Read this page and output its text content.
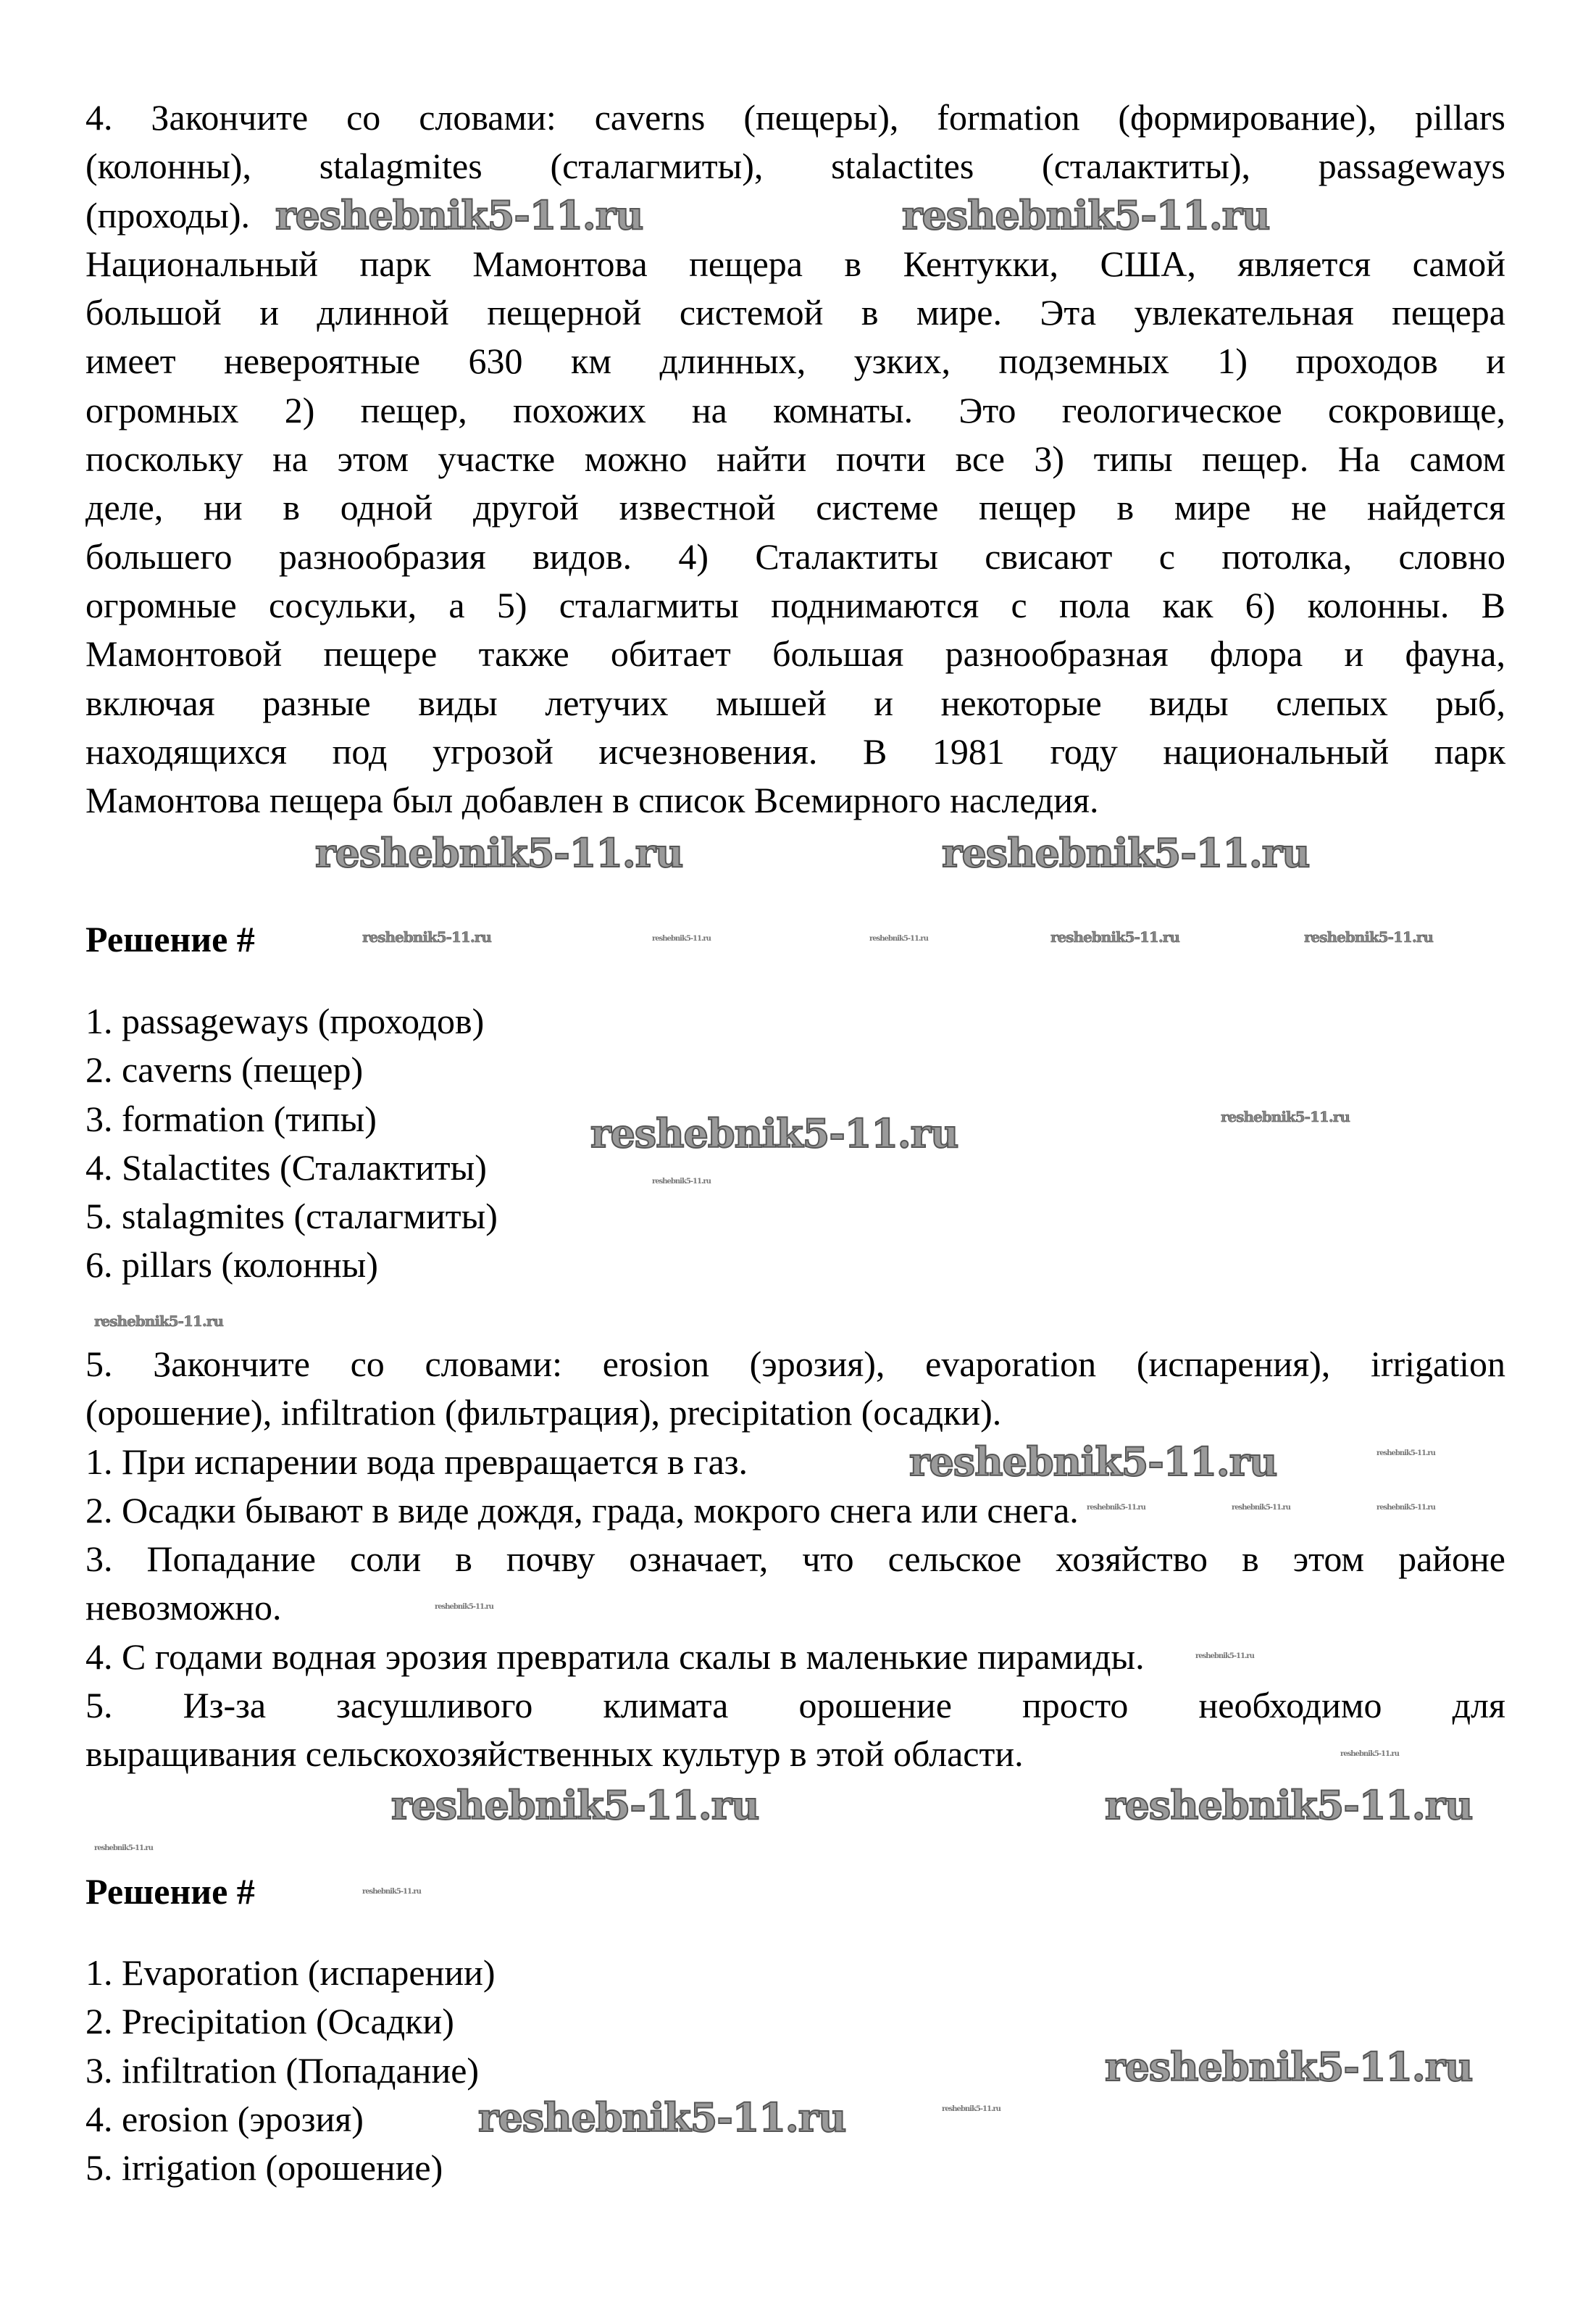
4. Закончите со словами: caverns (пещеры), formation (формирование), pillars
(колонны), stalagmites (сталагмиты), stalactites (сталактиты), passageways
(проходы).
Национальный парк Мамонтова пещера в Кентукки, США, является самой
большой и длинной пещерной системой в мире. Эта увлекательная пещера
имеет невероятные 630 км длинных, узких, подземных 1) проходов и
огромных 2) пещер, похожих на комнаты. Это геологическое сокровище,
поскольку на этом участке можно найти почти все 3) типы пещер. На самом
деле, ни в одной другой известной системе пещер в мире не найдется
большего разнообразия видов. 4) Сталактиты свисают с потолка, словно
огромные сосульки, а 5) сталагмиты поднимаются с пола как 6) колонны. В
Мамонтовой пещере также обитает большая разнообразная флора и фауна,
включая разные виды летучих мышей и некоторые виды слепых рыб,
находящихся под угрозой исчезновения. В 1981 году национальный парк
Мамонтова пещера был добавлен в список Всемирного наследия.
Решение #
1. passageways (проходов)
2. caverns (пещер)
3. formation (типы)
4. Stalactites (Сталактиты)
5. stalagmites (сталагмиты)
6. pillars (колонны)
5. Закончите со словами: erosion (эрозия), evaporation (испарения), irrigation
(орошение), infiltration (фильтрация), precipitation (осадки).
1. При испарении вода превращается в газ.
2. Осадки бывают в виде дождя, града, мокрого снега или снега.
3. Попадание соли в почву означает, что сельское хозяйство в этом районе
невозможно.
4. С годами водная эрозия превратила скалы в маленькие пирамиды.
5. Из-за засушливого климата орошение просто необходимо для
выращивания сельскохозяйственных культур в этой области.
Решение #
1. Evaporation (испарении)
2. Precipitation (Осадки)
3. infiltration (Попадание)
4. erosion (эрозия)
5. irrigation (орошение)
reshebnik5-11.ru	reshebnik5-11.ru
reshebnik5-11.ru	reshebnik5-11.ru
reshebnik5-11.ru	reshebnik5-11.ru	reshebnik5-11.ru	reshebnik5-11.ru	reshebnik5-11.ru
reshebnik5-11.ru	reshebnik5-11.ru
reshebnik5-11.ru
reshebnik5-11.ru
reshebnik5-11.ru	reshebnik5-11.ru
reshebnik5-11.ru	reshebnik5-11.ru	reshebnik5-11.ru
reshebnik5-11.ru
reshebnik5-11.ru
reshebnik5-11.ru
reshebnik5-11.ru	reshebnik5-11.ru
reshebnik5-11.ru
reshebnik5-11.ru
reshebnik5-11.ru
reshebnik5-11.ru
reshebnik5-11.ru
